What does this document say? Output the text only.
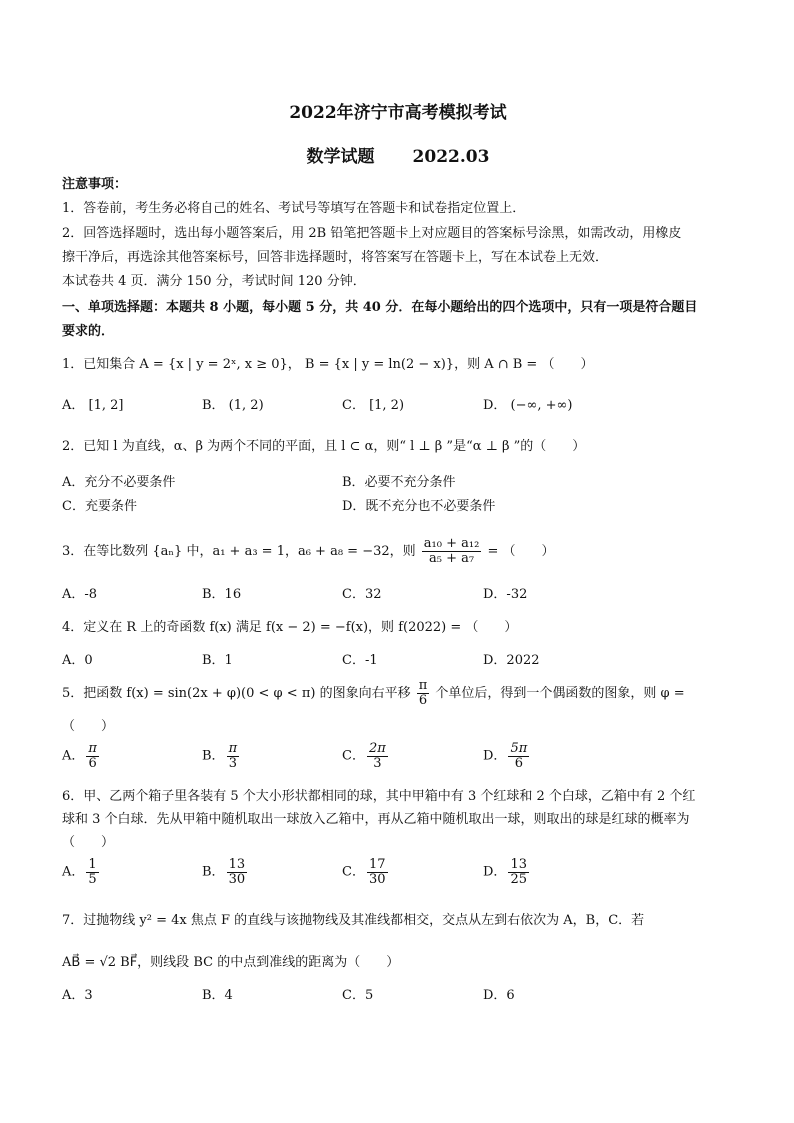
2022年济宁市高考模拟考试
数学试题 2022.03
注意事项：
1．答卷前，考生务必将自己的姓名、考试号等填写在答题卡和试卷指定位置上．
2．回答选择题时，选出每小题答案后，用 2B 铅笔把答题卡上对应题目的答案标号涂黑，如需改动，用橡皮
擦干净后，再选涂其他答案标号，回答非选择题时，将答案写在答题卡上，写在本试卷上无效．
本试卷共 4 页．满分 150 分，考试时间 120 分钟．
一、单项选择题：本题共 8 小题，每小题 5 分，共 40 分．在每小题给出的四个选项中，只有一项是符合题目
要求的．
1．已知集合 A = {x | y = 2ˣ, x ≥ 0}， B = {x | y = ln(2 − x)}，则 A ∩ B = （　　）
A． [1, 2]	B． (1, 2)	C． [1, 2)	D． (−∞, +∞)
2．已知 l 为直线，α、β 为两个不同的平面，且 l ⊂ α，则“ l ⊥ β ”是“α ⊥ β ”的（　　）
A．充分不必要条件	B．必要不充分条件
C．充要条件	D．既不充分也不必要条件
3．在等比数列 {aₙ} 中，a₁ + a₃ = 1，a₆ + a₈ = −32，则 $\frac{\text{a₁₀ + a₁₂}}{\text{a₅ + a₇}}$ = （　　）
A．-8	B．16	C．32	D．-32
4．定义在 R 上的奇函数 f(x) 满足 f(x − 2) = −f(x)，则 f(2022) = （　　）
A．0	B．1	C．-1	D．2022
5．把函数 f(x) = sin(2x + φ)(0 < φ < π) 的图象向右平移 $\frac{\pi}{6}$ 个单位后，得到一个偶函数的图象，则 φ =
（　　）
A． $\frac{\pi}{6}$	B． $\frac{\pi}{3}$	C． $\frac{2\pi}{3}$	D． $\frac{5\pi}{6}$
6．甲、乙两个箱子里各装有 5 个大小形状都相同的球，其中甲箱中有 3 个红球和 2 个白球，乙箱中有 2 个红
球和 3 个白球．先从甲箱中随机取出一球放入乙箱中，再从乙箱中随机取出一球，则取出的球是红球的概率为
（　　）
A． $\frac{1}{5}$	B． $\frac{13}{30}$	C． $\frac{17}{30}$	D． $\frac{13}{25}$
7．过抛物线 y² = 4x 焦点 F 的直线与该抛物线及其准线都相交，交点从左到右依次为 A，B，C．若
AB⃗ = √2 BF⃗，则线段 BC 的中点到准线的距离为（　　）
A．3	B．4	C．5	D．6
